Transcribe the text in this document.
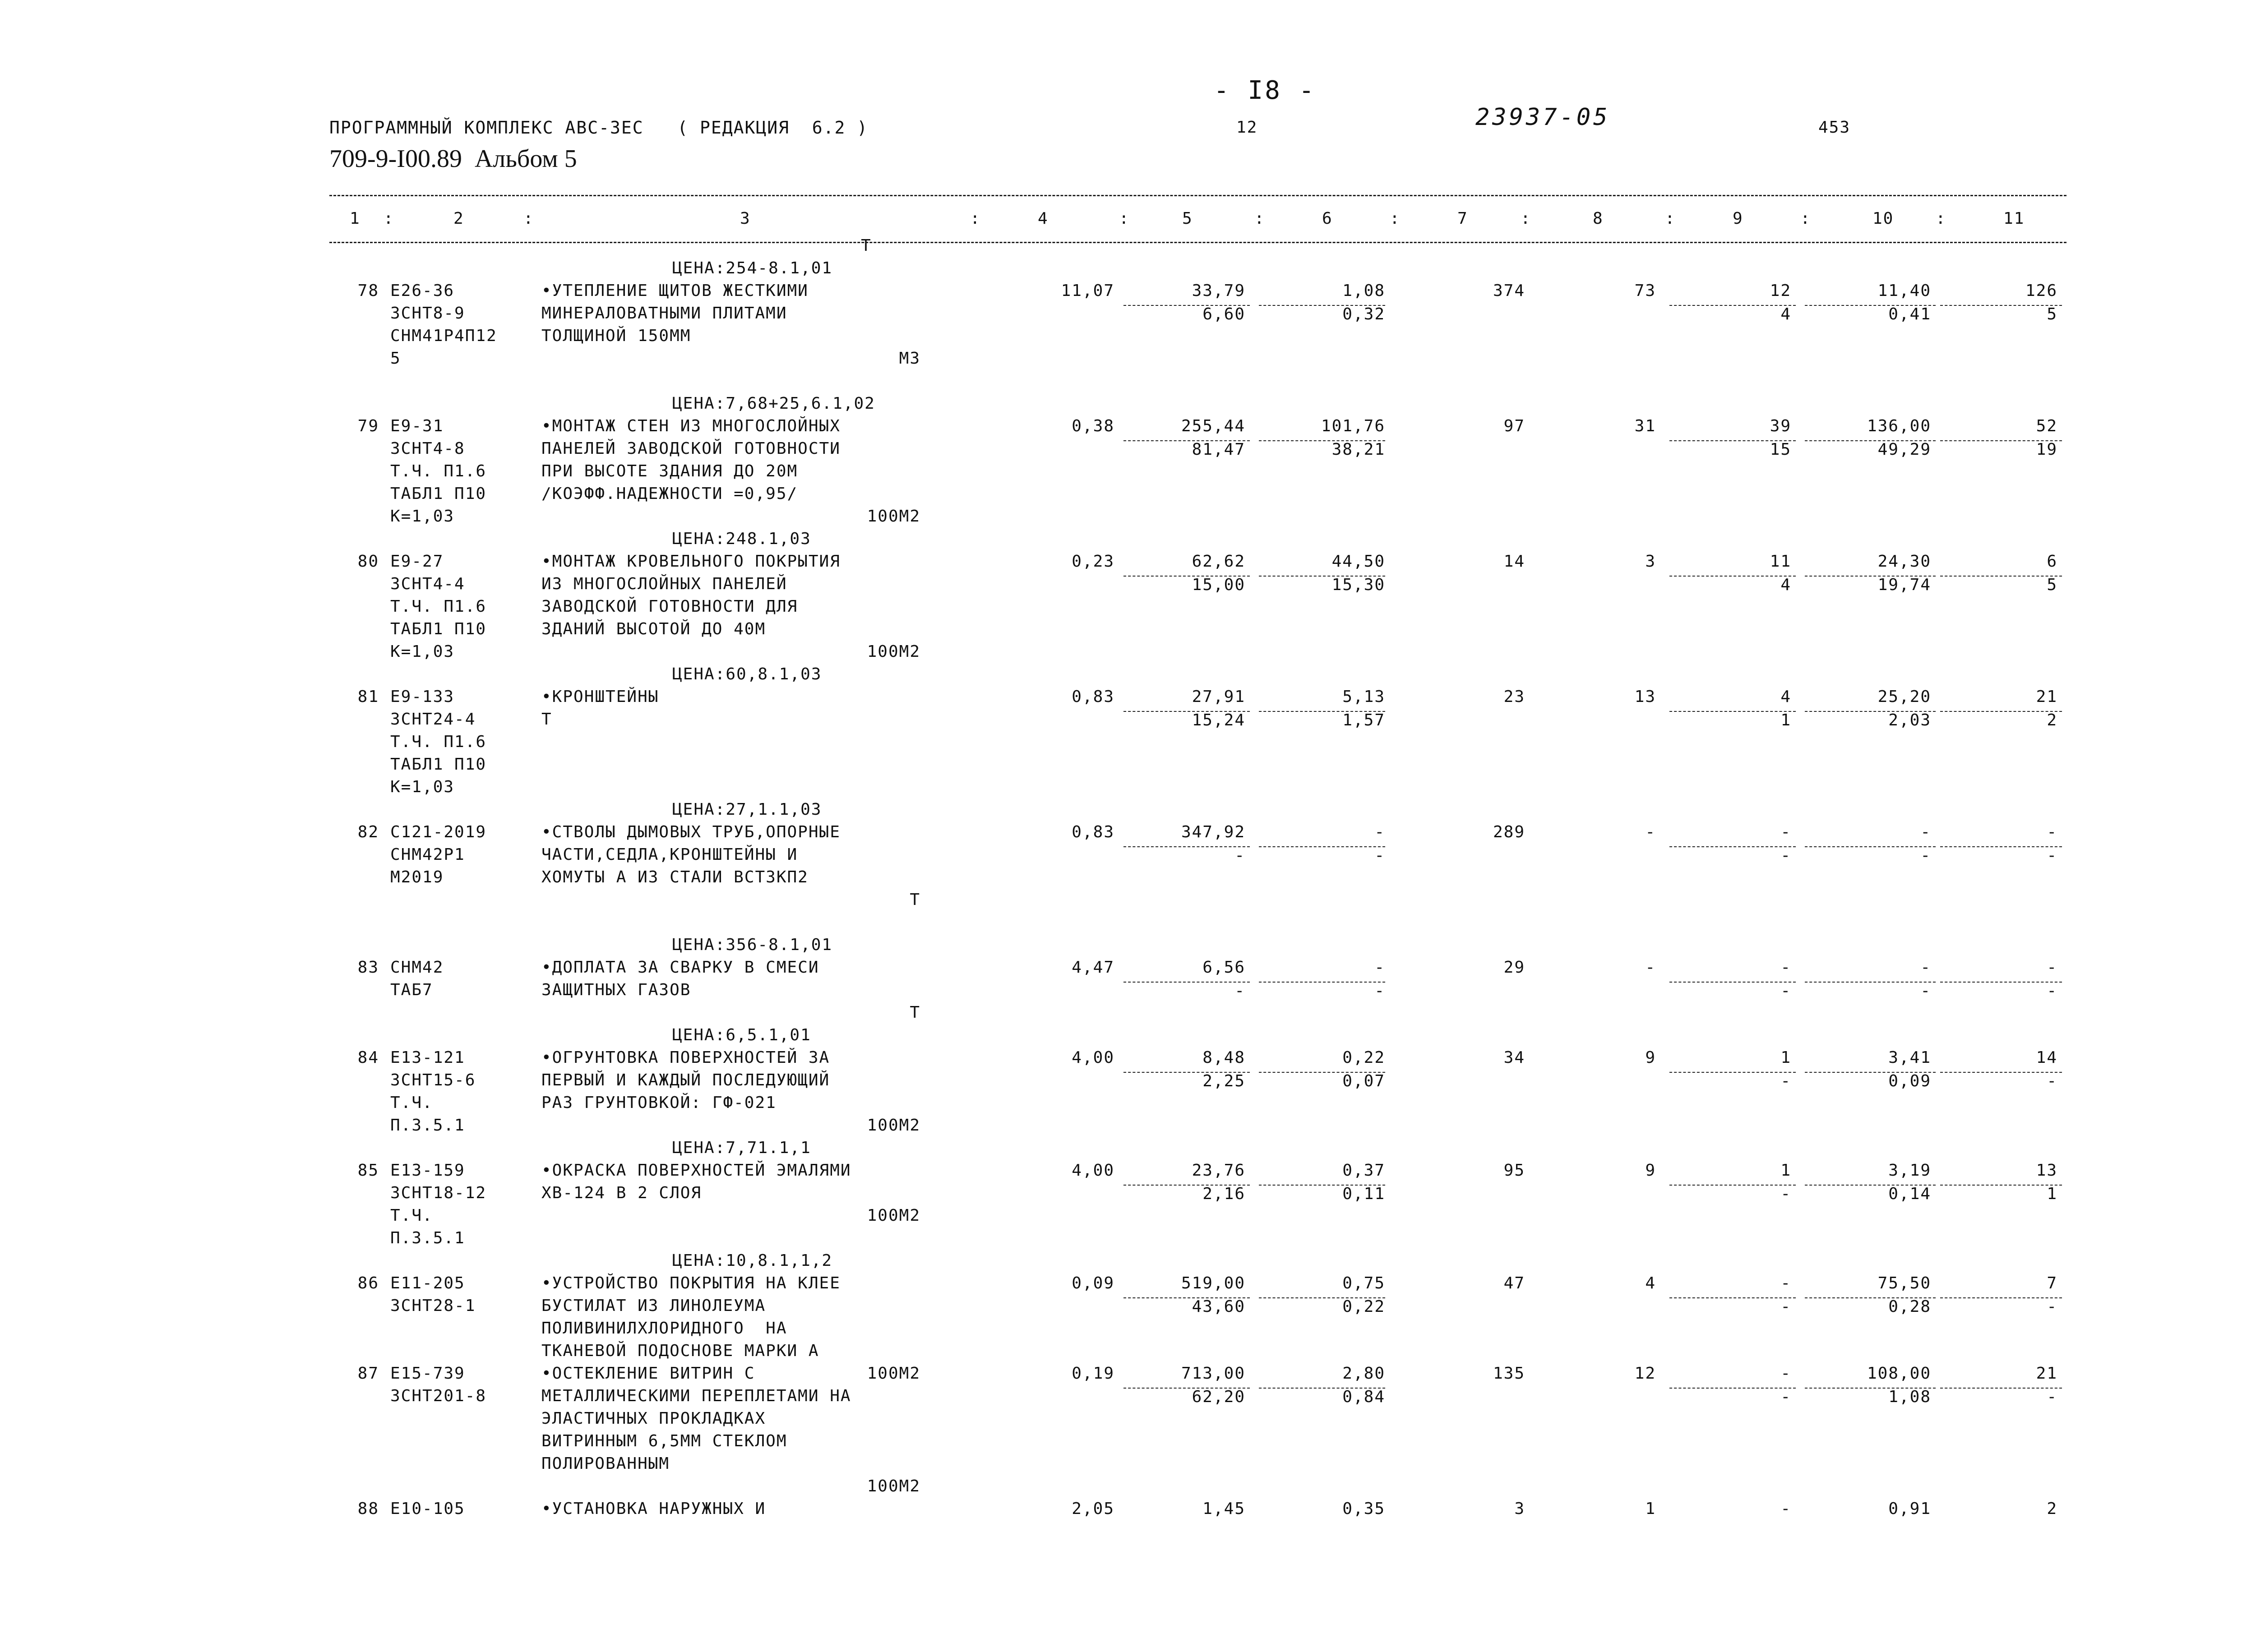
- I8 -
ПРОГРАММНЫЙ КОМПЛЕКС АВС-3ЕС   ( РЕДАКЦИЯ  6.2 )	12	23937-05	453
709-9-I00.89  Альбом 5
1	2	3	4	5	6	7	8	9	10	11
:	:	:	:	:	:	:	:	:	:
Т
ЦЕНА:254-8.1,01
78 Е26-36
ЗСНТ8-9
СНМ41Р4П12
5
•УТЕПЛЕНИЕ ЩИТОВ ЖЕСТКИМИ
МИНЕРАЛОВАТНЫМИ ПЛИТАМИ
ТОЛЩИНОЙ 150ММ
М3
11,07	33,79	1,08	374	73	12	11,40	126
6,60	0,32	4	0,41	5
ЦЕНА:7,68+25,6.1,02
79 Е9-31
ЗСНТ4-8
Т.Ч. П1.6
ТАБЛ1 П10
К=1,03
•МОНТАЖ СТЕН ИЗ МНОГОСЛОЙНЫХ
ПАНЕЛЕЙ ЗАВОДСКОЙ ГОТОВНОСТИ
ПРИ ВЫСОТЕ ЗДАНИЯ ДО 20М
/КОЭФФ.НАДЕЖНОСТИ =0,95/
100М2
0,38	255,44	101,76	97	31	39	136,00	52
81,47	38,21	15	49,29	19
ЦЕНА:248.1,03
80 Е9-27
ЗСНТ4-4
Т.Ч. П1.6
ТАБЛ1 П10
К=1,03
•МОНТАЖ КРОВЕЛЬНОГО ПОКРЫТИЯ
ИЗ МНОГОСЛОЙНЫХ ПАНЕЛЕЙ
ЗАВОДСКОЙ ГОТОВНОСТИ ДЛЯ
ЗДАНИЙ ВЫСОТОЙ ДО 40М
100М2
0,23	62,62	44,50	14	3	11	24,30	6
15,00	15,30	4	19,74	5
ЦЕНА:60,8.1,03
81 Е9-133
ЗСНТ24-4
Т.Ч. П1.6
ТАБЛ1 П10
К=1,03
•КРОНШТЕЙНЫ
Т
0,83	27,91	5,13	23	13	4	25,20	21
15,24	1,57	1	2,03	2
ЦЕНА:27,1.1,03
82 С121-2019
СНМ42Р1
М2019
•СТВОЛЫ ДЫМОВЫХ ТРУБ,ОПОРНЫЕ
ЧАСТИ,СЕДЛА,КРОНШТЕЙНЫ И
ХОМУТЫ А ИЗ СТАЛИ ВСТ3КП2
Т
0,83	347,92	-	289	-	-	-	-
-	-	-	-	-
ЦЕНА:356-8.1,01
83 СНМ42
ТАБ7
•ДОПЛАТА ЗА СВАРКУ В СМЕСИ
ЗАЩИТНЫХ ГАЗОВ
Т
4,47	6,56	-	29	-	-	-	-
-	-	-	-	-
ЦЕНА:6,5.1,01
84 Е13-121
ЗСНТ15-6
Т.Ч.
П.3.5.1
•ОГРУНТОВКА ПОВЕРХНОСТЕЙ ЗА
ПЕРВЫЙ И КАЖДЫЙ ПОСЛЕДУЮЩИЙ
РАЗ ГРУНТОВКОЙ: ГФ-021
100М2
4,00	8,48	0,22	34	9	1	3,41	14
2,25	0,07	-	0,09	-
ЦЕНА:7,71.1,1
85 Е13-159
ЗСНТ18-12
Т.Ч.
П.3.5.1
•ОКРАСКА ПОВЕРХНОСТЕЙ ЭМАЛЯМИ
ХВ-124 В 2 СЛОЯ
100М2
4,00	23,76	0,37	95	9	1	3,19	13
2,16	0,11	-	0,14	1
ЦЕНА:10,8.1,1,2
86 Е11-205
ЗСНТ28-1
•УСТРОЙСТВО ПОКРЫТИЯ НА КЛЕЕ
БУСТИЛАТ ИЗ ЛИНОЛЕУМА
ПОЛИВИНИЛХЛОРИДНОГО  НА
ТКАНЕВОЙ ПОДОСНОВЕ МАРКИ А
100М2
0,09	519,00	0,75	47	4	-	75,50	7
43,60	0,22	-	0,28	-
87 Е15-739
ЗСНТ201-8
•ОСТЕКЛЕНИЕ ВИТРИН С
МЕТАЛЛИЧЕСКИМИ ПЕРЕПЛЕТАМИ НА
ЭЛАСТИЧНЫХ ПРОКЛАДКАХ
ВИТРИННЫМ 6,5ММ СТЕКЛОМ
ПОЛИРОВАННЫМ
100М2
0,19	713,00	2,80	135	12	-	108,00	21
62,20	0,84	-	1,08	-
88 Е10-105	•УСТАНОВКА НАРУЖНЫХ И	2,05	1,45	0,35	3	1	-	0,91	2
